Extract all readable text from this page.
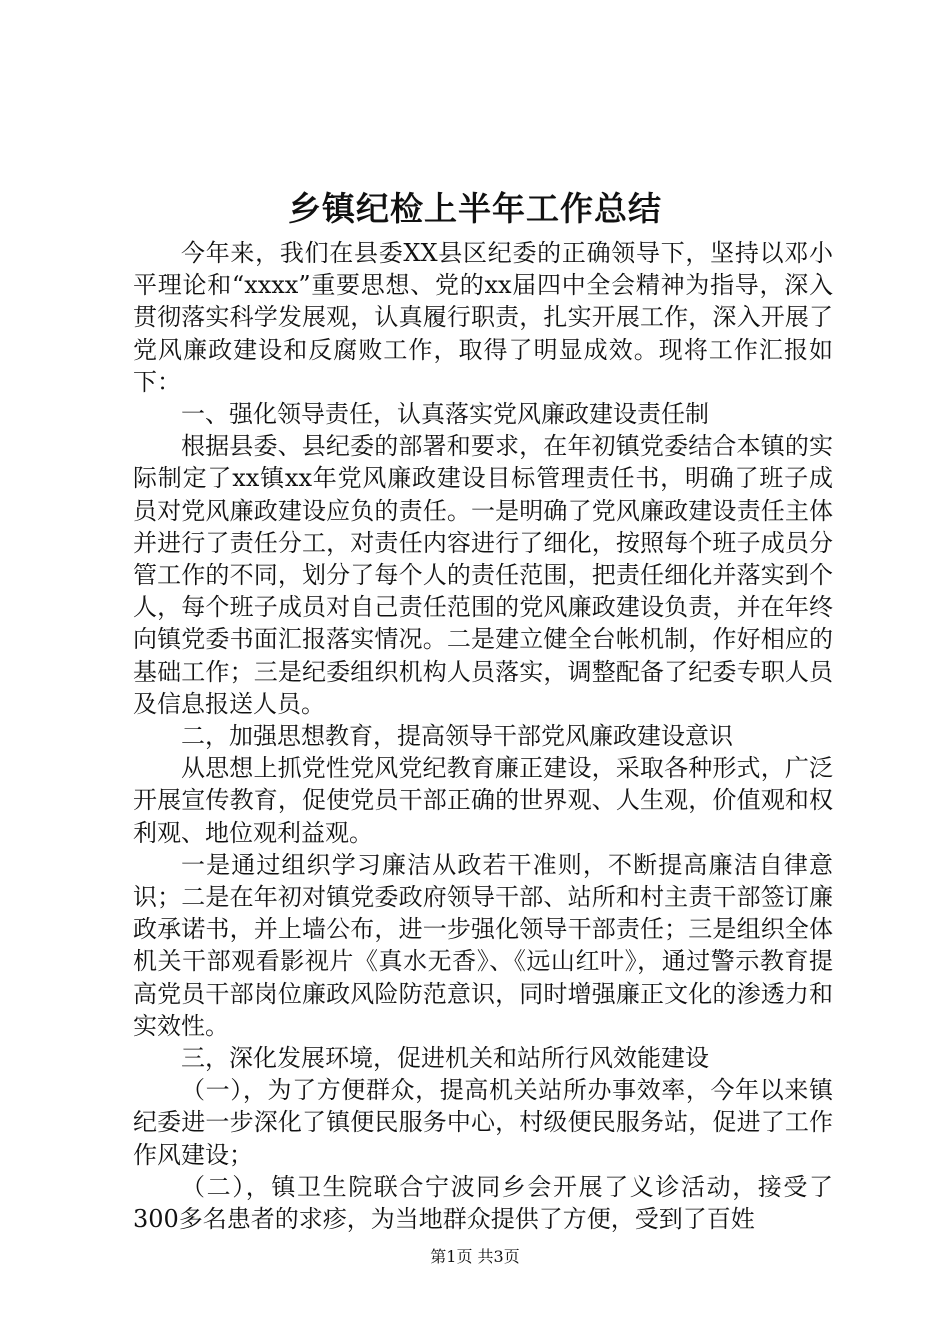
乡镇纪检上半年工作总结

今年来，我们在县委XX县区纪委的正确领导下，坚持以邓小平理论和“xxxx”重要思想、党的xx届四中全会精神为指导，深入贯彻落实科学发展观，认真履行职责，扎实开展工作，深入开展了党风廉政建设和反腐败工作，取得了明显成效。现将工作汇报如下：

一、强化领导责任，认真落实党风廉政建设责任制

根据县委、县纪委的部署和要求，在年初镇党委结合本镇的实际制定了xx镇xx年党风廉政建设目标管理责任书，明确了班子成员对党风廉政建设应负的责任。一是明确了党风廉政建设责任主体并进行了责任分工，对责任内容进行了细化，按照每个班子成员分管工作的不同，划分了每个人的责任范围，把责任细化并落实到个人，每个班子成员对自己责任范围的党风廉政建设负责，并在年终向镇党委书面汇报落实情况。二是建立健全台帐机制，作好相应的基础工作；三是纪委组织机构人员落实，调整配备了纪委专职人员及信息报送人员。

二，加强思想教育，提高领导干部党风廉政建设意识

从思想上抓党性党风党纪教育廉正建设，采取各种形式，广泛开展宣传教育，促使党员干部正确的世界观、人生观，价值观和权利观、地位观利益观。

一是通过组织学习廉洁从政若干准则，不断提高廉洁自律意识；二是在年初对镇党委政府领导干部、站所和村主责干部签订廉政承诺书，并上墙公布，进一步强化领导干部责任；三是组织全体机关干部观看影视片《真水无香》、《远山红叶》，通过警示教育提高党员干部岗位廉政风险防范意识，同时增强廉正文化的渗透力和实效性。

三，深化发展环境，促进机关和站所行风效能建设

（一），为了方便群众，提高机关站所办事效率，今年以来镇纪委进一步深化了镇便民服务中心，村级便民服务站，促进了工作作风建设；

（二），镇卫生院联合宁波同乡会开展了义诊活动，接受了300多名患者的求疹，为当地群众提供了方便，受到了百姓

第1页 共3页
